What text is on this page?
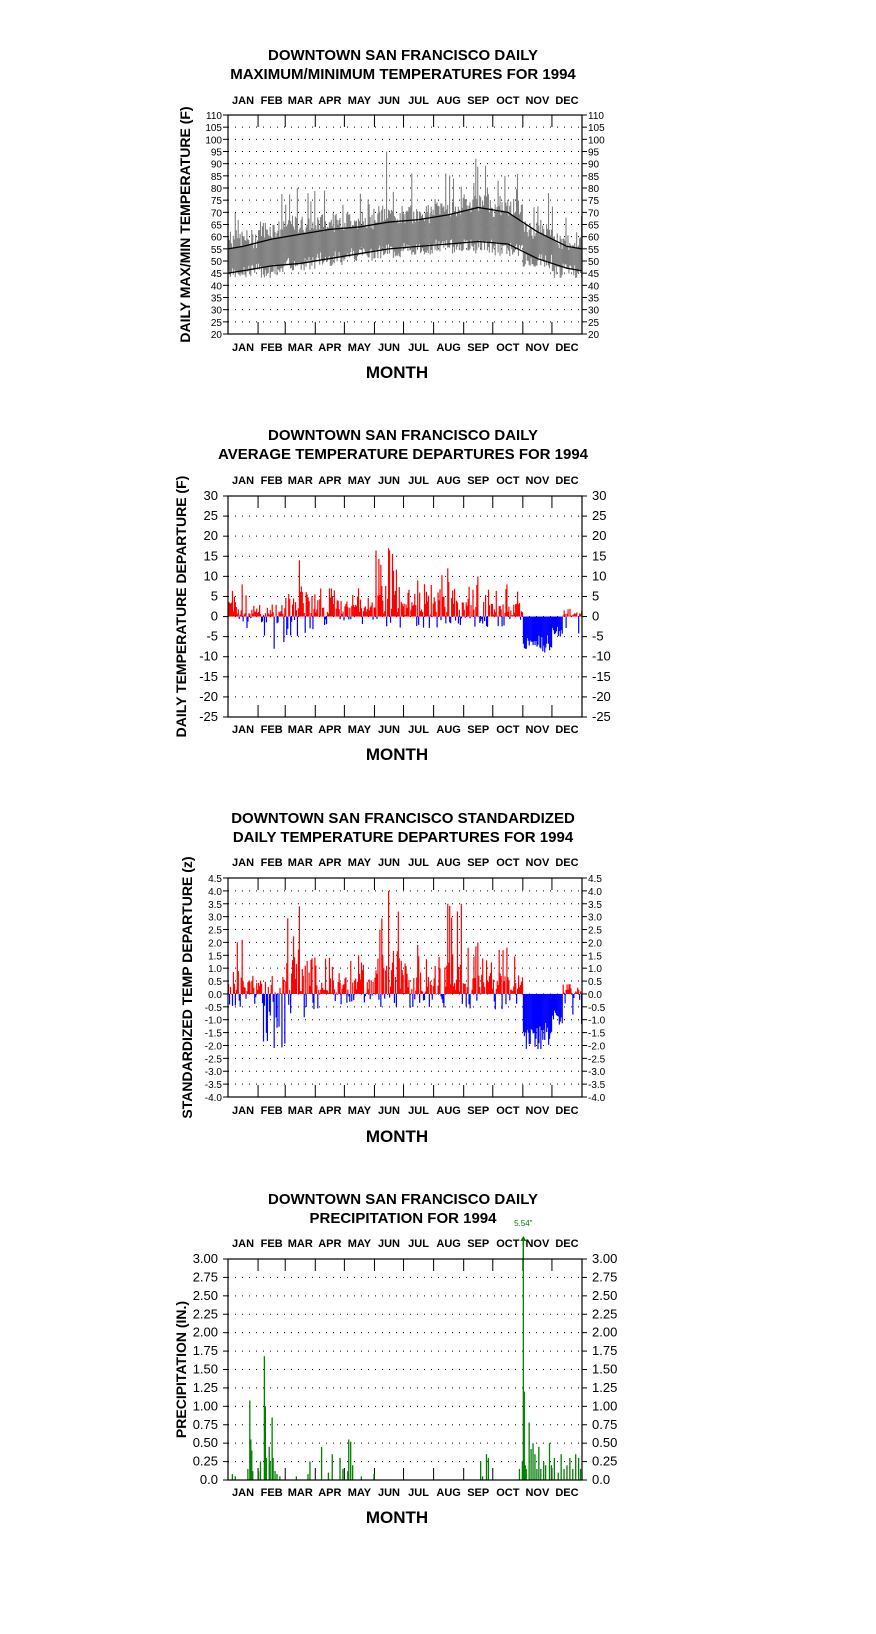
DOWNTOWN SAN FRANCISCO DAILY
MAXIMUM/MINIMUM TEMPERATURES FOR 1994
JAN
JAN
FEB
FEB
MAR
MAR
APR
APR
MAY
MAY
JUN
JUN
JUL
JUL
AUG
AUG
SEP
SEP
OCT
OCT
NOV
NOV
DEC
DEC
110	110
105	105
100	100
95	95
90	90
85	85
80	80
75	75
70	70
65	65
60	60
55	55
50	50
45	45
40	40
35	35
30	30
25	25
20	20
DAILY MAX/MIN TEMPERATURE (F)
MONTH
DOWNTOWN SAN FRANCISCO DAILY
AVERAGE TEMPERATURE DEPARTURES FOR 1994
JAN
JAN
FEB
FEB
MAR
MAR
APR
APR
MAY
MAY
JUN
JUN
JUL
JUL
AUG
AUG
SEP
SEP
OCT
OCT
NOV
NOV
DEC
DEC
30	30
25	25
20	20
15	15
10	10
5	5
0	0
-5	-5
-10	-10
-15	-15
-20	-20
-25	-25
DAILY TEMPERATURE DEPARTURE (F)
MONTH
DOWNTOWN SAN FRANCISCO STANDARDIZED
DAILY TEMPERATURE DEPARTURES FOR 1994
JAN
JAN
FEB
FEB
MAR
MAR
APR
APR
MAY
MAY
JUN
JUN
JUL
JUL
AUG
AUG
SEP
SEP
OCT
OCT
NOV
NOV
DEC
DEC
4.5	4.5
4.0	4.0
3.5	3.5
3.0	3.0
2.5	2.5
2.0	2.0
1.5	1.5
1.0	1.0
0.5	0.5
0.0	0.0
-0.5	-0.5
-1.0	-1.0
-1.5	-1.5
-2.0	-2.0
-2.5	-2.5
-3.0	-3.0
-3.5	-3.5
-4.0	-4.0
STANDARDIZED TEMP DEPARTURE (z)
MONTH
DOWNTOWN SAN FRANCISCO DAILY
PRECIPITATION FOR 1994
JAN
JAN
FEB
FEB
MAR
MAR
APR
APR
MAY
MAY
JUN
JUN
JUL
JUL
AUG
AUG
SEP
SEP
OCT
OCT
NOV
NOV
DEC
DEC
3.00	3.00
2.75	2.75
2.50	2.50
2.25	2.25
2.00	2.00
1.75	1.75
1.50	1.50
1.25	1.25
1.00	1.00
0.75	0.75
0.50	0.50
0.25	0.25
0.0	0.0
PRECIPITATION (IN.)
MONTH
5.54"
